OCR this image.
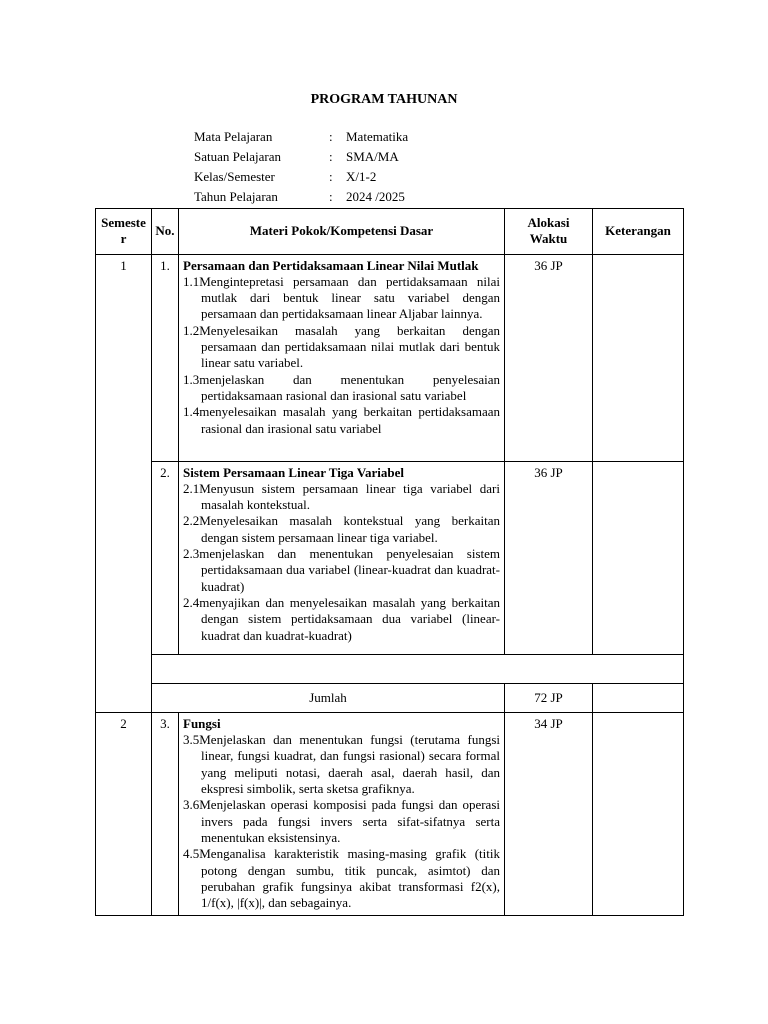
PROGRAM TAHUNAN
Mata Pelajaran	: Matematika
Satuan Pelajaran	: SMA/MA
Kelas/Semester	: X/1-2
Tahun Pelajaran	: 2024 /2025
Semester	No.	Materi Pokok/Kompetensi Dasar	Alokasi Waktu	Keterangan
1	1.	Persamaan dan Pertidaksamaan Linear Nilai Mutlak
1.1Mengintepretasi persamaan dan pertidaksamaan nilai mutlak dari bentuk linear satu variabel dengan persamaan dan pertidaksamaan linear Aljabar lainnya.
1.2Menyelesaikan masalah yang berkaitan dengan persamaan dan pertidaksamaan nilai mutlak dari bentuk linear satu variabel.
1.3menjelaskan dan menentukan penyelesaian pertidaksamaan rasional dan irasional satu variabel
1.4menyelesaikan masalah yang berkaitan pertidaksamaan rasional dan irasional satu variabel	36 JP	
	2.	Sistem Persamaan Linear Tiga Variabel
2.1Menyusun sistem persamaan linear tiga variabel dari masalah kontekstual.
2.2Menyelesaikan masalah kontekstual yang berkaitan dengan sistem persamaan linear tiga variabel.
2.3menjelaskan dan menentukan penyelesaian sistem pertidaksamaan dua variabel (linear-kuadrat dan kuadrat-kuadrat)
2.4menyajikan dan menyelesaikan masalah yang berkaitan dengan sistem pertidaksamaan dua variabel (linear-kuadrat dan kuadrat-kuadrat)	36 JP	

	Jumlah		72 JP	
2	3.	Fungsi
3.5Menjelaskan dan menentukan fungsi (terutama fungsi linear, fungsi kuadrat, dan fungsi rasional) secara formal yang meliputi notasi, daerah asal, daerah hasil, dan ekspresi simbolik, serta sketsa grafiknya.
3.6Menjelaskan operasi komposisi pada fungsi dan operasi invers pada fungsi invers serta sifat-sifatnya serta menentukan eksistensinya.
4.5Menganalisa karakteristik masing-masing grafik (titik potong dengan sumbu, titik puncak, asimtot) dan perubahan grafik fungsinya akibat transformasi f2(x), 1/f(x), |f(x)|, dan sebagainya.	34 JP	
